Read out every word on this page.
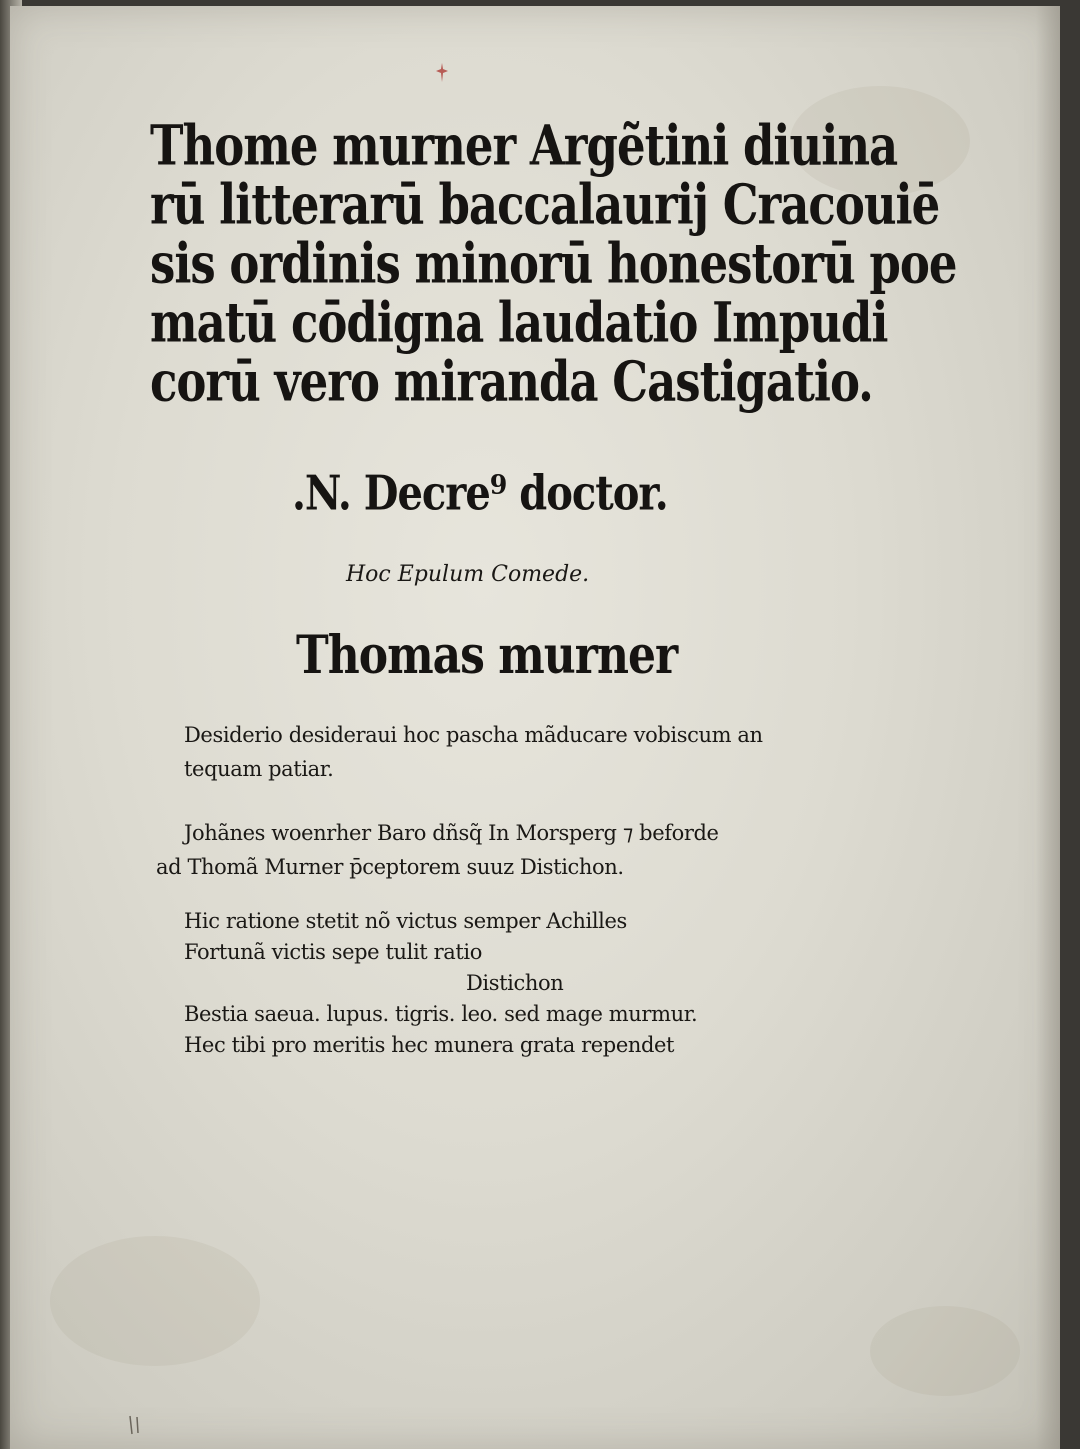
Thome murner Argẽtini diuina
rū litterarū baccalaurij Cracouiē
sis ordinis minorū honestorū poe
matū cōdigna laudatio Impudi
corū vero miranda Castigatio.
.N. Decre⁹ doctor.
Hoc Epulum Comede.
Thomas murner
Desiderio desideraui hoc pascha mãducare vobiscum an
tequam patiar.
Johãnes woenrher Baro dñsq̃ In Morsperg ⁊ beforde
ad Thomã Murner p̄ceptorem suuz Distichon.
Hic ratione stetit nõ victus semper Achilles
Fortunã victis sepe tulit ratio
Distichon
Bestia saeua. lupus. tigris. leo. sed mage murmur.
Hec tibi pro meritis hec munera grata rependet
